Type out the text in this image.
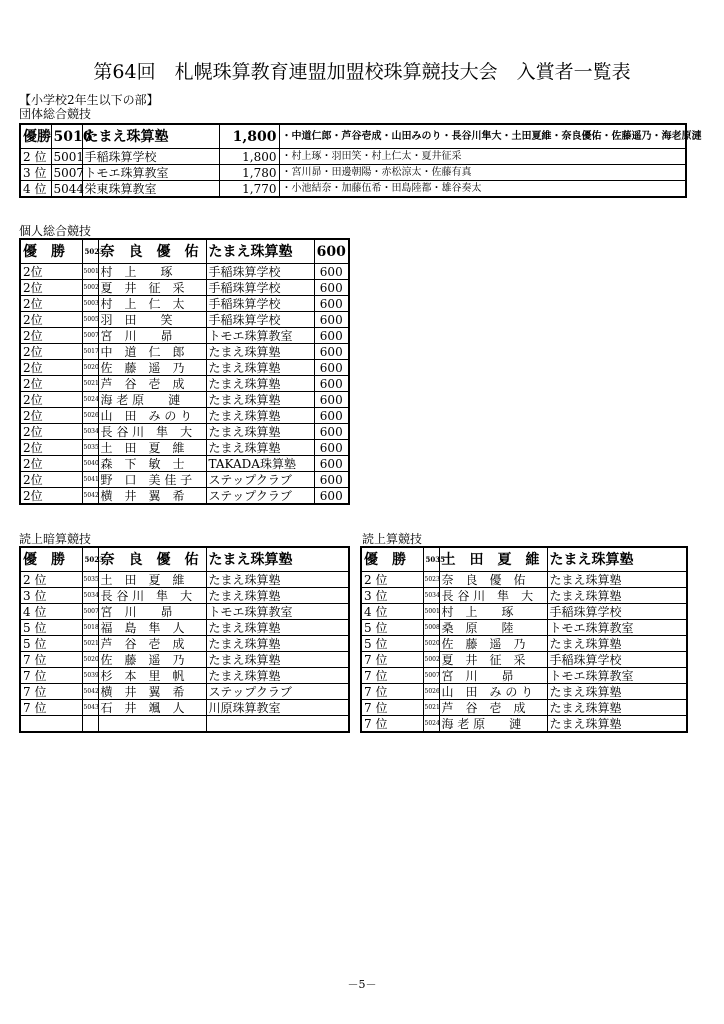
第64回　札幌珠算教育連盟加盟校珠算競技大会　入賞者一覧表
【小学校2年生以下の部】
団体総合競技
優勝	5016	たまえ珠算塾	1,800	・中道仁郎・芦谷壱成・山田みのり・長谷川隼大・土田夏維・奈良優佑・佐藤遥乃・海老原漣
2 位	5001	手稲珠算学校	1,800	・村上琢・羽田笑・村上仁太・夏井征采
3 位	5007	トモエ珠算教室	1,780	・宮川昴・田邊朝陽・赤松涼太・佐藤有真
4 位	5044	栄東珠算教室	1,770	・小池結奈・加藤伍希・田島陸都・雄谷奏太
個人総合競技
優　勝	5023	奈　良　優　佑	たまえ珠算塾	600
2位	5001	村　上　　琢	手稲珠算学校	600
2位	5002	夏　井　征　采	手稲珠算学校	600
2位	5003	村　上　仁　太	手稲珠算学校	600
2位	5005	羽　田　　笑	手稲珠算学校	600
2位	5007	宮　川　　昴	トモエ珠算教室	600
2位	5017	中　道　仁　郎	たまえ珠算塾	600
2位	5020	佐　藤　遥　乃	たまえ珠算塾	600
2位	5021	芦　谷　壱　成	たまえ珠算塾	600
2位	5024	海 老 原　　漣	たまえ珠算塾	600
2位	5026	山　田　み の り	たまえ珠算塾	600
2位	5034	長 谷 川　隼　大	たまえ珠算塾	600
2位	5035	土　田　夏　維	たまえ珠算塾	600
2位	5040	森　下　敏　士	TAKADA珠算塾	600
2位	5041	野　口　美 佳 子	ステップクラブ	600
2位	5042	横　井　翼　希	ステップクラブ	600
読上暗算競技
優　勝	5023	奈　良　優　佑	たまえ珠算塾
2 位	5035	土　田　夏　維	たまえ珠算塾
3 位	5034	長 谷 川　隼　大	たまえ珠算塾
4 位	5007	宮　川　　昴	トモエ珠算教室
5 位	5018	福　島　隼　人	たまえ珠算塾
5 位	5021	芦　谷　壱　成	たまえ珠算塾
7 位	5020	佐　藤　遥　乃	たまえ珠算塾
7 位	5039	杉　本　里　帆	たまえ珠算塾
7 位	5042	横　井　翼　希	ステップクラブ
7 位	5043	石　井　颯　人	川原珠算教室

読上算競技
優　勝	5035	土　田　夏　維	たまえ珠算塾
2 位	5023	奈　良　優　佑	たまえ珠算塾
3 位	5034	長 谷 川　隼　大	たまえ珠算塾
4 位	5001	村　上　　琢	手稲珠算学校
5 位	5008	桑　原　　陸	トモエ珠算教室
5 位	5020	佐　藤　遥　乃	たまえ珠算塾
7 位	5002	夏　井　征　采	手稲珠算学校
7 位	5007	宮　川　　昴	トモエ珠算教室
7 位	5026	山　田　み の り	たまえ珠算塾
7 位	5021	芦　谷　壱　成	たまえ珠算塾
7 位	5024	海 老 原　　漣	たまえ珠算塾
－5－
